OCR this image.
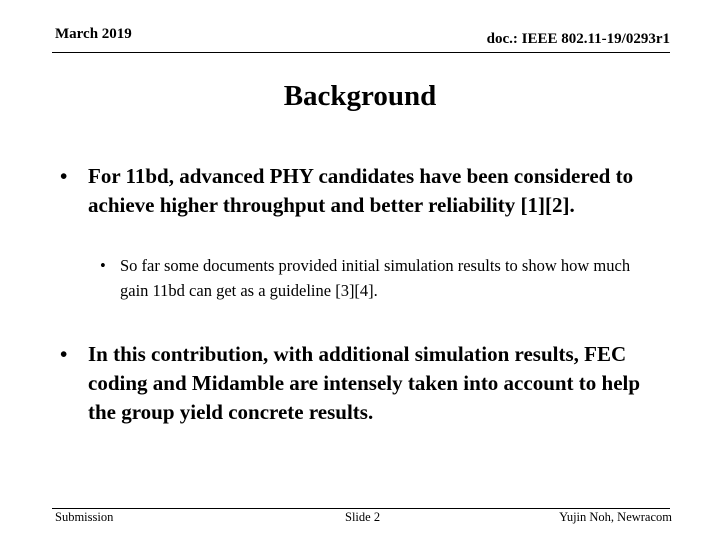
March 2019	doc.: IEEE 802.11-19/0293r1
Background
• For 11bd, advanced PHY candidates have been considered to achieve higher throughput and better reliability [1][2].
• So far some documents provided initial simulation results to show how much gain 11bd can get as a guideline [3][4].
• In this contribution, with additional simulation results, FEC coding and Midamble are intensely taken into account to help the group yield concrete results.
Submission	Slide 2	Yujin Noh, Newracom
